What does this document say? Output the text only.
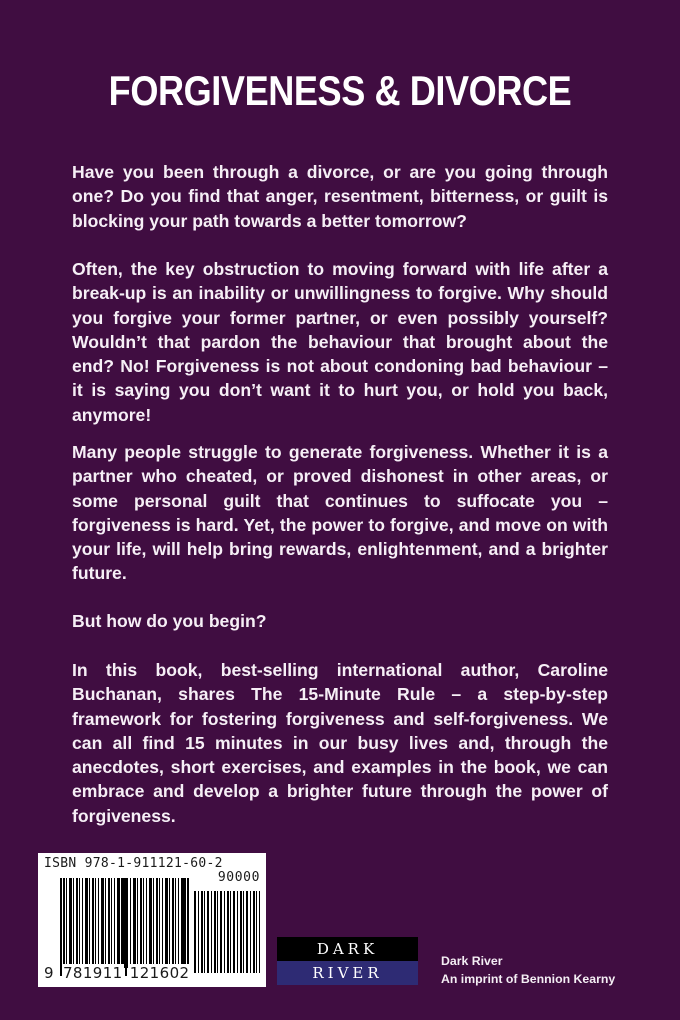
FORGIVENESS & DIVORCE

Have you been through a divorce, or are you going through one? Do you find that anger, resentment, bitterness, or guilt is blocking your path towards a better tomorrow?

Often, the key obstruction to moving forward with life after a break-up is an inability or unwillingness to forgive. Why should you forgive your former partner, or even possibly yourself? Wouldn’t that pardon the behaviour that brought about the end? No! Forgiveness is not about condoning bad behaviour – it is saying you don’t want it to hurt you, or hold you back, anymore!

Many people struggle to generate forgiveness. Whether it is a partner who cheated, or proved dishonest in other areas, or some personal guilt that continues to suffocate you – forgiveness is hard. Yet, the power to forgive, and move on with your life, will help bring rewards, enlightenment, and a brighter future.

But how do you begin?

In this book, best-selling international author, Caroline Buchanan, shares The 15-Minute Rule – a step-by-step framework for fostering forgiveness and self-forgiveness. We can all find 15 minutes in our busy lives and, through the anecdotes, short exercises, and examples in the book, we can embrace and develop a brighter future through the power of forgiveness.

ISBN 978-1-911121-60-2
90000
9 781911 121602
DARK
RIVER
Dark River
An imprint of Bennion Kearny
